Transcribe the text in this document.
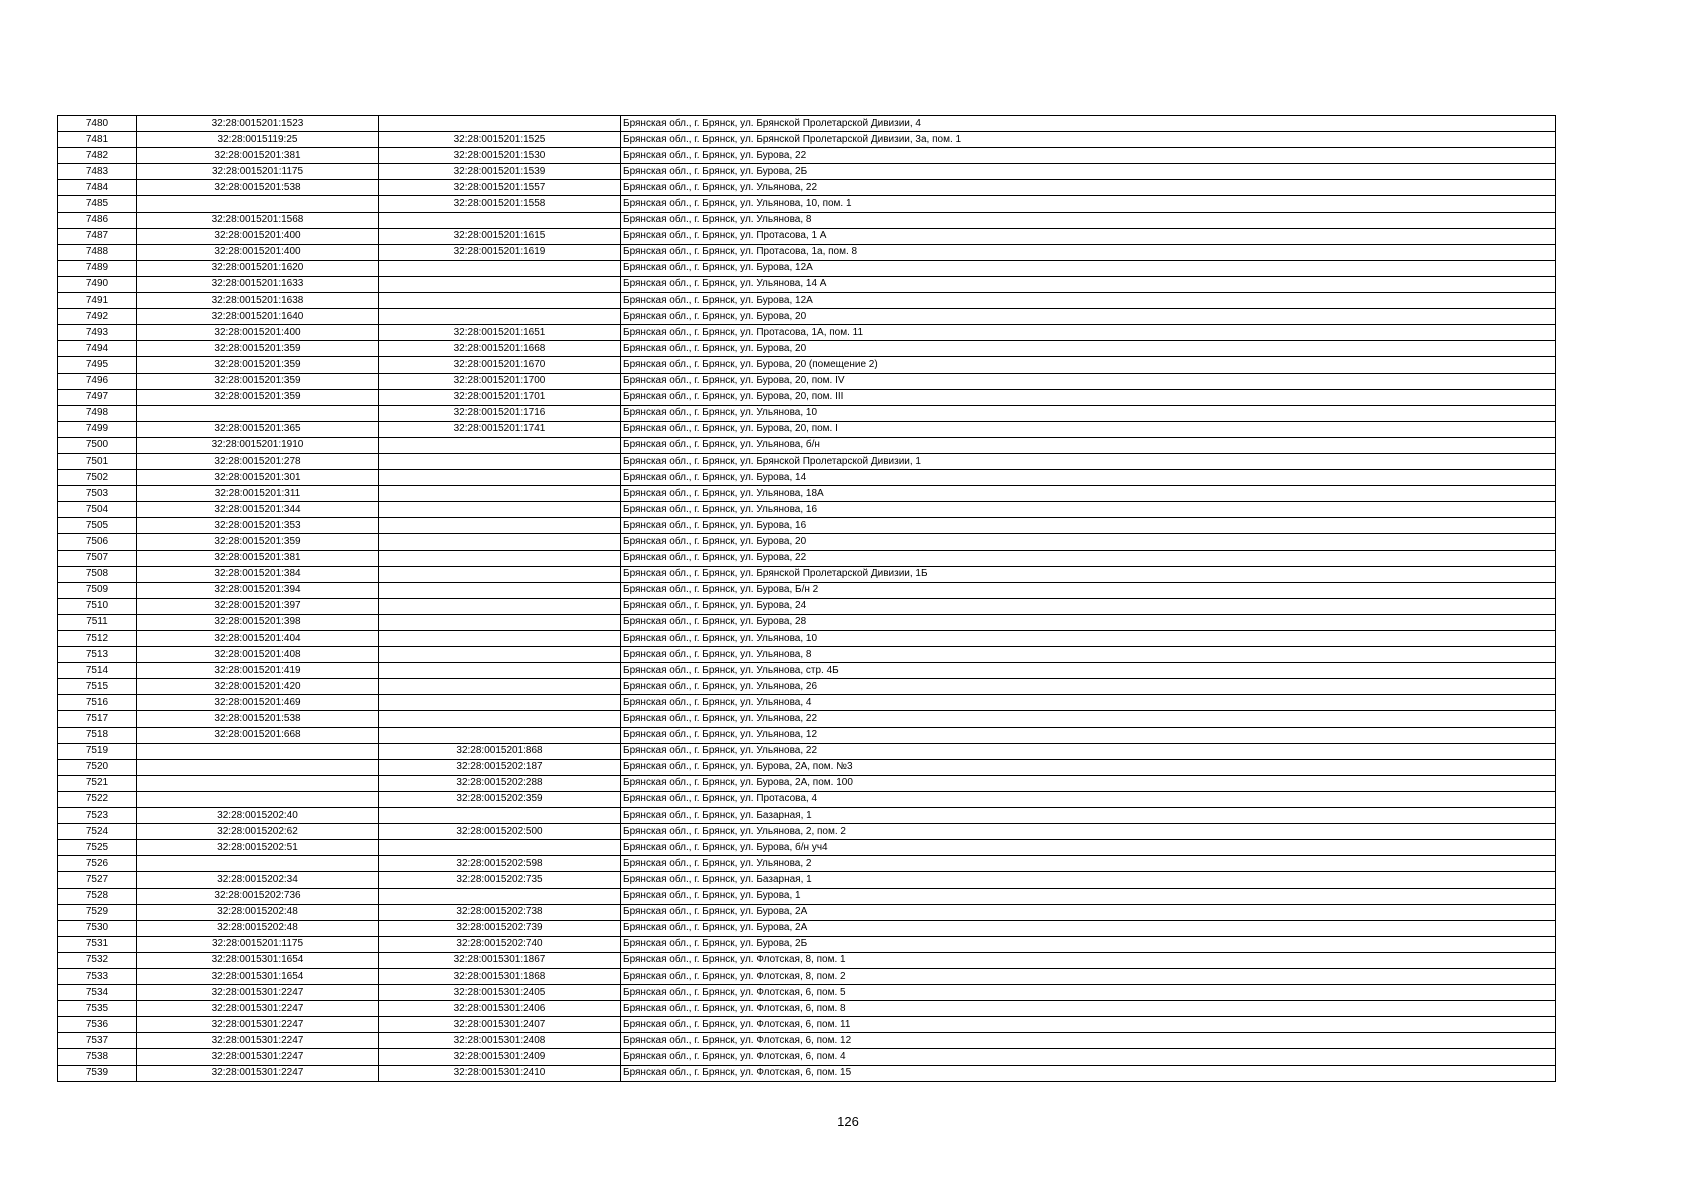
7480	32:28:0015201:1523		Брянская обл., г. Брянск, ул. Брянской Пролетарской Дивизии, 4
7481	32:28:0015119:25	32:28:0015201:1525	Брянская обл., г. Брянск, ул. Брянской Пролетарской Дивизии, 3а, пом. 1
7482	32:28:0015201:381	32:28:0015201:1530	Брянская обл., г. Брянск, ул. Бурова, 22
7483	32:28:0015201:1175	32:28:0015201:1539	Брянская обл., г. Брянск, ул. Бурова, 2Б
7484	32:28:0015201:538	32:28:0015201:1557	Брянская обл., г. Брянск, ул. Ульянова, 22
7485		32:28:0015201:1558	Брянская обл., г. Брянск, ул. Ульянова, 10, пом. 1
7486	32:28:0015201:1568		Брянская обл., г. Брянск, ул. Ульянова, 8
7487	32:28:0015201:400	32:28:0015201:1615	Брянская обл., г. Брянск, ул. Протасова, 1 А
7488	32:28:0015201:400	32:28:0015201:1619	Брянская обл., г. Брянск, ул. Протасова, 1а, пом. 8
7489	32:28:0015201:1620		Брянская обл., г. Брянск, ул. Бурова, 12А
7490	32:28:0015201:1633		Брянская обл., г. Брянск, ул. Ульянова, 14 А
7491	32:28:0015201:1638		Брянская обл., г. Брянск, ул. Бурова, 12А
7492	32:28:0015201:1640		Брянская обл., г. Брянск, ул. Бурова, 20
7493	32:28:0015201:400	32:28:0015201:1651	Брянская обл., г. Брянск, ул. Протасова, 1А, пом. 11
7494	32:28:0015201:359	32:28:0015201:1668	Брянская обл., г. Брянск, ул. Бурова, 20
7495	32:28:0015201:359	32:28:0015201:1670	Брянская обл., г. Брянск, ул. Бурова, 20 (помещение 2)
7496	32:28:0015201:359	32:28:0015201:1700	Брянская обл., г. Брянск, ул. Бурова, 20, пом. IV
7497	32:28:0015201:359	32:28:0015201:1701	Брянская обл., г. Брянск, ул. Бурова, 20, пом. III
7498		32:28:0015201:1716	Брянская обл., г. Брянск, ул. Ульянова, 10
7499	32:28:0015201:365	32:28:0015201:1741	Брянская обл., г. Брянск, ул. Бурова, 20, пом. I
7500	32:28:0015201:1910		Брянская обл., г. Брянск, ул. Ульянова, б/н
7501	32:28:0015201:278		Брянская обл., г. Брянск, ул. Брянской Пролетарской Дивизии, 1
7502	32:28:0015201:301		Брянская обл., г. Брянск, ул. Бурова, 14
7503	32:28:0015201:311		Брянская обл., г. Брянск, ул. Ульянова, 18А
7504	32:28:0015201:344		Брянская обл., г. Брянск, ул. Ульянова, 16
7505	32:28:0015201:353		Брянская обл., г. Брянск, ул. Бурова, 16
7506	32:28:0015201:359		Брянская обл., г. Брянск, ул. Бурова, 20
7507	32:28:0015201:381		Брянская обл., г. Брянск, ул. Бурова, 22
7508	32:28:0015201:384		Брянская обл., г. Брянск, ул. Брянской Пролетарской Дивизии, 1Б
7509	32:28:0015201:394		Брянская обл., г. Брянск, ул. Бурова, Б/н 2
7510	32:28:0015201:397		Брянская обл., г. Брянск, ул. Бурова, 24
7511	32:28:0015201:398		Брянская обл., г. Брянск, ул. Бурова, 28
7512	32:28:0015201:404		Брянская обл., г. Брянск, ул. Ульянова, 10
7513	32:28:0015201:408		Брянская обл., г. Брянск, ул. Ульянова, 8
7514	32:28:0015201:419		Брянская обл., г. Брянск, ул. Ульянова, стр. 4Б
7515	32:28:0015201:420		Брянская обл., г. Брянск, ул. Ульянова, 26
7516	32:28:0015201:469		Брянская обл., г. Брянск, ул. Ульянова, 4
7517	32:28:0015201:538		Брянская обл., г. Брянск, ул. Ульянова, 22
7518	32:28:0015201:668		Брянская обл., г. Брянск, ул. Ульянова, 12
7519		32:28:0015201:868	Брянская обл., г. Брянск, ул. Ульянова, 22
7520		32:28:0015202:187	Брянская обл., г. Брянск, ул. Бурова, 2А, пом. №3
7521		32:28:0015202:288	Брянская обл., г. Брянск, ул. Бурова, 2А, пом. 100
7522		32:28:0015202:359	Брянская обл., г. Брянск, ул. Протасова, 4
7523	32:28:0015202:40		Брянская обл., г. Брянск, ул. Базарная, 1
7524	32:28:0015202:62	32:28:0015202:500	Брянская обл., г. Брянск, ул. Ульянова, 2, пом. 2
7525	32:28:0015202:51		Брянская обл., г. Брянск, ул. Бурова, б/н уч4
7526		32:28:0015202:598	Брянская обл., г. Брянск, ул. Ульянова, 2
7527	32:28:0015202:34	32:28:0015202:735	Брянская обл., г. Брянск, ул. Базарная, 1
7528	32:28:0015202:736		Брянская обл., г. Брянск, ул. Бурова, 1
7529	32:28:0015202:48	32:28:0015202:738	Брянская обл., г. Брянск, ул. Бурова, 2А
7530	32:28:0015202:48	32:28:0015202:739	Брянская обл., г. Брянск, ул. Бурова, 2А
7531	32:28:0015201:1175	32:28:0015202:740	Брянская обл., г. Брянск, ул. Бурова, 2Б
7532	32:28:0015301:1654	32:28:0015301:1867	Брянская обл., г. Брянск, ул. Флотская, 8, пом. 1
7533	32:28:0015301:1654	32:28:0015301:1868	Брянская обл., г. Брянск, ул. Флотская, 8, пом. 2
7534	32:28:0015301:2247	32:28:0015301:2405	Брянская обл., г. Брянск, ул. Флотская, 6, пом. 5
7535	32:28:0015301:2247	32:28:0015301:2406	Брянская обл., г. Брянск, ул. Флотская, 6, пом. 8
7536	32:28:0015301:2247	32:28:0015301:2407	Брянская обл., г. Брянск, ул. Флотская, 6, пом. 11
7537	32:28:0015301:2247	32:28:0015301:2408	Брянская обл., г. Брянск, ул. Флотская, 6, пом. 12
7538	32:28:0015301:2247	32:28:0015301:2409	Брянская обл., г. Брянск, ул. Флотская, 6, пом. 4
7539	32:28:0015301:2247	32:28:0015301:2410	Брянская обл., г. Брянск, ул. Флотская, 6, пом. 15
126
